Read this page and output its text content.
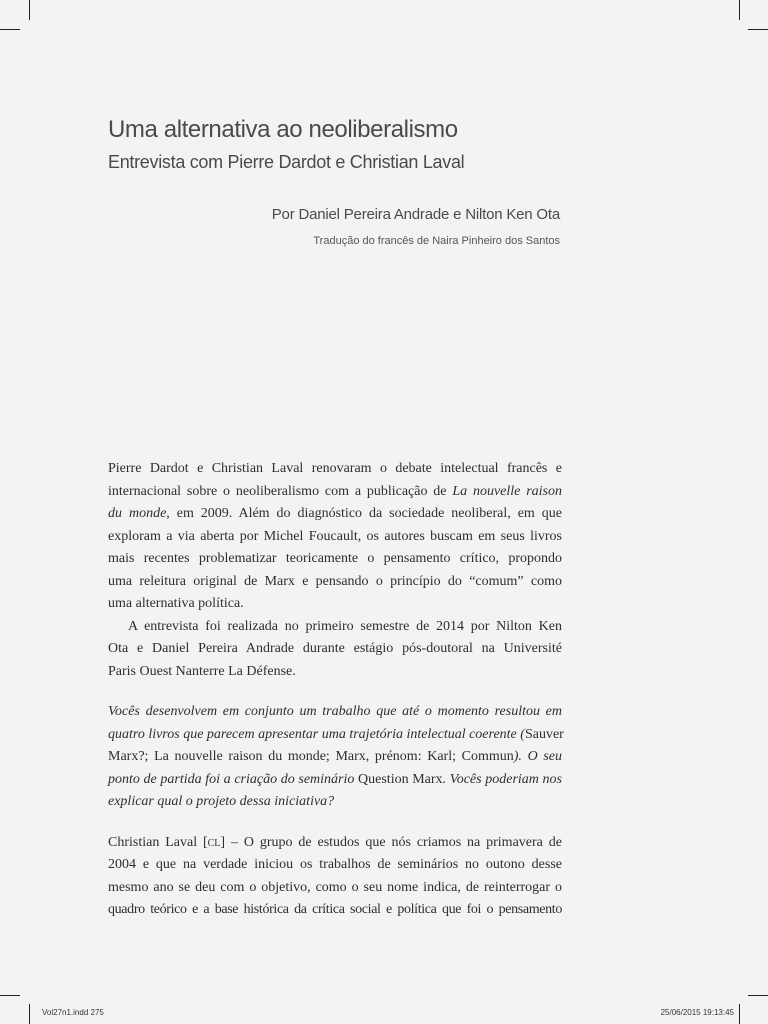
Uma alternativa ao neoliberalismo
Entrevista com Pierre Dardot e Christian Laval
Por Daniel Pereira Andrade e Nilton Ken Ota
Tradução do francês de Naira Pinheiro dos Santos
Pierre Dardot e Christian Laval renovaram o debate intelectual francês e
internacional sobre o neoliberalismo com a publicação de La nouvelle raison
du monde, em 2009. Além do diagnóstico da sociedade neoliberal, em que
exploram a via aberta por Michel Foucault, os autores buscam em seus livros
mais recentes problematizar teoricamente o pensamento crítico, propondo
uma releitura original de Marx e pensando o princípio do “comum” como
uma alternativa política.
A entrevista foi realizada no primeiro semestre de 2014 por Nilton Ken
Ota e Daniel Pereira Andrade durante estágio pós-doutoral na Université
Paris Ouest Nanterre La Défense.
Vocês desenvolvem em conjunto um trabalho que até o momento resultou em
quatro livros que parecem apresentar uma trajetória intelectual coerente (Sauver
Marx?; La nouvelle raison du monde; Marx, prénom: Karl; Commun). O seu
ponto de partida foi a criação do seminário Question Marx. Vocês poderiam nos
explicar qual o projeto dessa iniciativa?
Christian Laval [cl] – O grupo de estudos que nós criamos na primavera de
2004 e que na verdade iniciou os trabalhos de seminários no outono desse
mesmo ano se deu com o objetivo, como o seu nome indica, de reinterrogar o
quadro teórico e a base histórica da crítica social e política que foi o pensamento
Vol27n1.indd 275	25/06/2015 19:13:45
